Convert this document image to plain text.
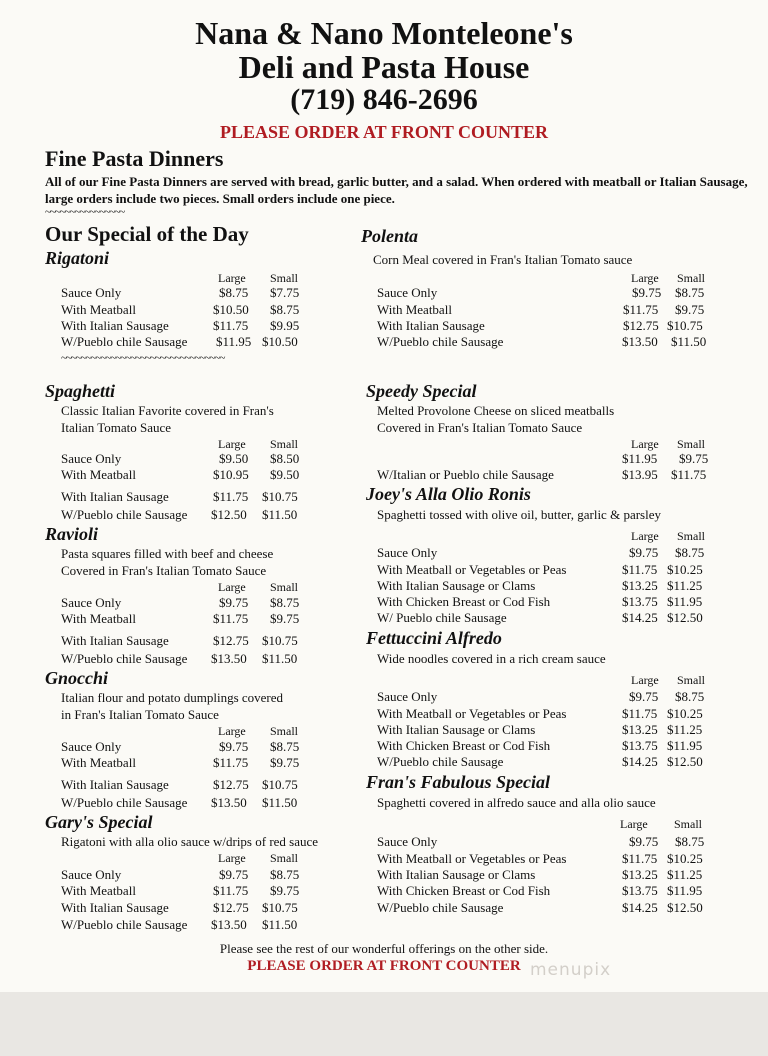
Nana & Nano Monteleone's
Deli and Pasta House
(719) 846-2696
PLEASE ORDER AT FRONT COUNTER
Fine Pasta Dinners
All of our Fine Pasta Dinners are served with bread, garlic butter, and a salad. When ordered with meatball or Italian Sausage, large orders include two pieces. Small orders include one piece.
~~~~~~~~~~~~~~~~
Our Special of the Day
Rigatoni
Large Small
Sauce Only	$8.75 $7.75
With Meatball	$10.50 $8.75
With Italian Sausage	$11.75 $9.95
W/Pueblo chile Sausage $11.95 $10.50
~~~~~~~~~~~~~~~~~~~~~~~~~~~~~~~~~
Spaghetti
Classic Italian Favorite covered in Fran's
Italian Tomato Sauce
Large Small
Sauce Only	$9.50 $8.50
With Meatball	$10.95 $9.50
With Italian Sausage	$11.75 $10.75
W/Pueblo chile Sausage $12.50 $11.50
Ravioli
Pasta squares filled with beef and cheese
Covered in Fran's Italian Tomato Sauce
Large Small
Sauce Only	$9.75 $8.75
With Meatball	$11.75 $9.75
With Italian Sausage	$12.75 $10.75
W/Pueblo chile Sausage $13.50 $11.50
Gnocchi
Italian flour and potato dumplings covered
in Fran's Italian Tomato Sauce
Large Small
Sauce Only	$9.75 $8.75
With Meatball	$11.75 $9.75
With Italian Sausage	$12.75 $10.75
W/Pueblo chile Sausage $13.50 $11.50
Gary's Special
Rigatoni with alla olio sauce w/drips of red sauce
Large Small
Sauce Only	$9.75 $8.75
With Meatball	$11.75 $9.75
With Italian Sausage	$12.75 $10.75
W/Pueblo chile Sausage $13.50 $11.50
Polenta
Corn Meal covered in Fran's Italian Tomato sauce
Large Small
Sauce Only	$9.75 $8.75
With Meatball	$11.75 $9.75
With Italian Sausage	$12.75 $10.75
W/Pueblo chile Sausage	$13.50 $11.50
Speedy Special
Melted Provolone Cheese on sliced meatballs
Covered in Fran's Italian Tomato Sauce
Large Small
$11.95 $9.75
W/Italian or Pueblo chile Sausage	$13.95 $11.75
Joey's Alla Olio Ronis
Spaghetti tossed with olive oil, butter, garlic & parsley
Large Small
Sauce Only	$9.75 $8.75
With Meatball or Vegetables or Peas	$11.75 $10.25
With Italian Sausage or Clams	$13.25 $11.25
With Chicken Breast or Cod Fish	$13.75 $11.95
W/ Pueblo chile Sausage	$14.25 $12.50
Fettuccini Alfredo
Wide noodles covered in a rich cream sauce
Large Small
Sauce Only	$9.75 $8.75
With Meatball or Vegetables or Peas	$11.75 $10.25
With Italian Sausage or Clams	$13.25 $11.25
With Chicken Breast or Cod Fish	$13.75 $11.95
W/Pueblo chile Sausage	$14.25 $12.50
Fran's Fabulous Special
Spaghetti covered in alfredo sauce and alla olio sauce
Large Small
Sauce Only	$9.75 $8.75
With Meatball or Vegetables or Peas	$11.75 $10.25
With Italian Sausage or Clams	$13.25 $11.25
With Chicken Breast or Cod Fish	$13.75 $11.95
W/Pueblo chile Sausage	$14.25 $12.50
Please see the rest of our wonderful offerings on the other side.
PLEASE ORDER AT FRONT COUNTER menupix
